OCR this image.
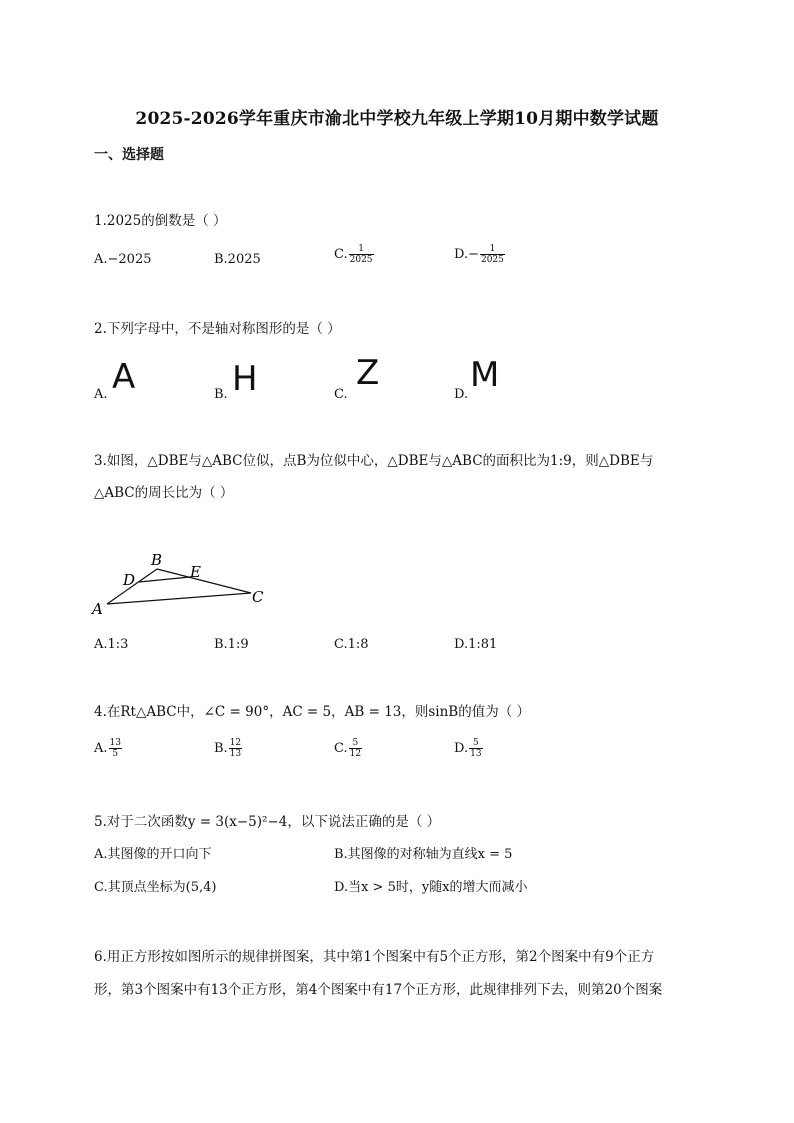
2025-2026学年重庆市渝北中学校九年级上学期10月期中数学试题
一、选择题
1.2025的倒数是（ ）
A.−2025	B.2025	C. $\frac{1}{2025}$	$D.- \frac{1}{2025}$
2.下列字母中，不是轴对称图形的是（ ）
A. A	B. H	C.
Z
D. M
3.如图，△DBE与△ABC位似，点B为位似中心，△DBE与△ABC的面积比为1:9，则△DBE与
△ABC的周长比为（ ）
A
B
C
D	E
A.1:3	B.1:9	C.1:8	D.1:81
4.在Rt△ABC中，∠C = 90°，AC = 5，AB = 13，则sinB的值为（ ）
A. $\frac{13}{5}$	B. $\frac{12}{13}$	C. $\frac{5}{12}$	D. $\frac{5}{13}$
5.对于二次函数y = 3(x−5)²−4，以下说法正确的是（ ）
A.其图像的开口向下	B.其图像的对称轴为直线x = 5
C.其顶点坐标为(5,4)	D.当x > 5时，y随x的增大而减小
6.用正方形按如图所示的规律拼图案，其中第1个图案中有5个正方形，第2个图案中有9个正方
形，第3个图案中有13个正方形，第4个图案中有17个正方形，此规律排列下去，则第20个图案
